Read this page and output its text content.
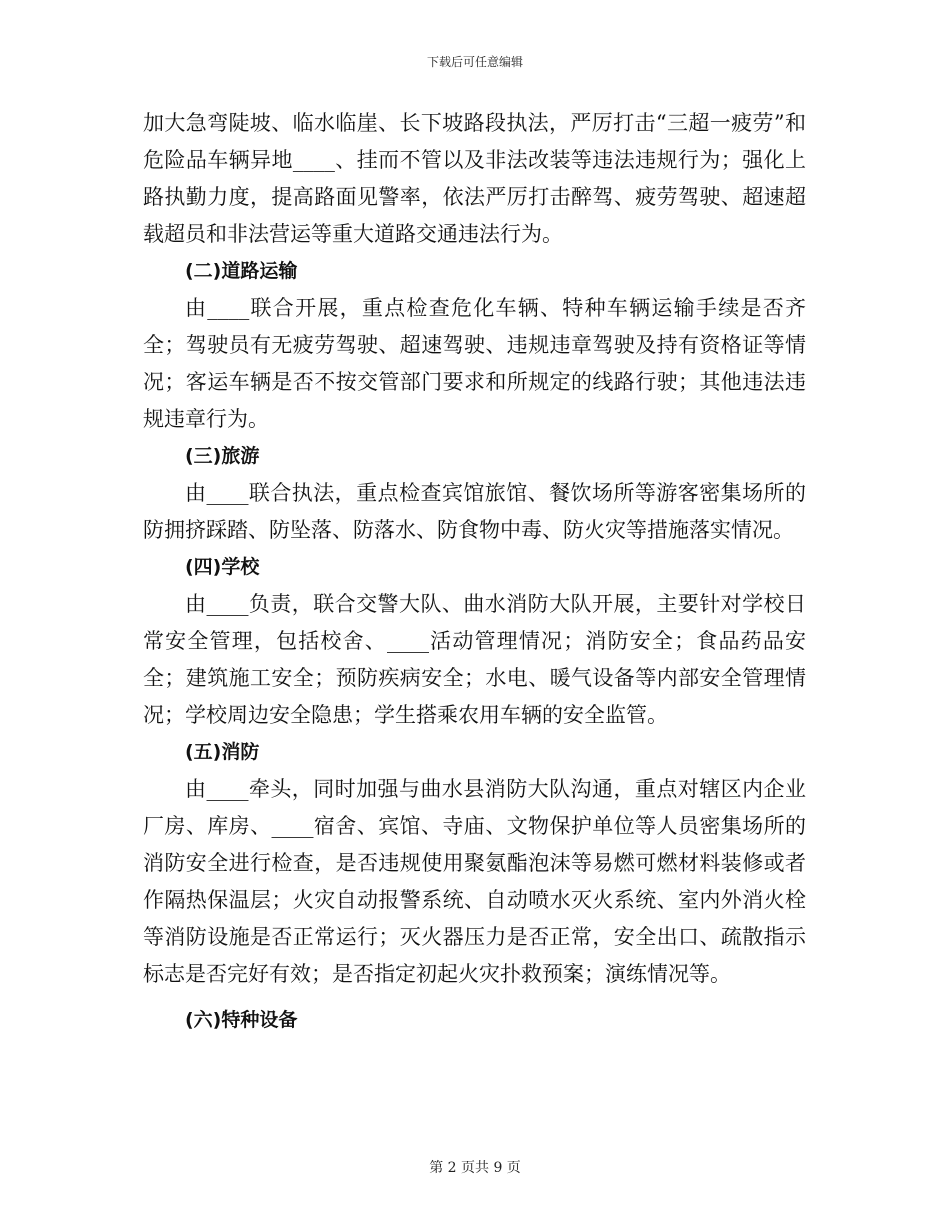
下载后可任意编辑

加大急弯陡坡、临水临崖、长下坡路段执法，严厉打击“三超一疲劳”和危险品车辆异地____、挂而不管以及非法改装等违法违规行为；强化上路执勤力度，提高路面见警率，依法严厉打击醉驾、疲劳驾驶、超速超载超员和非法营运等重大道路交通违法行为。

(二)道路运输

由____联合开展，重点检查危化车辆、特种车辆运输手续是否齐全；驾驶员有无疲劳驾驶、超速驾驶、违规违章驾驶及持有资格证等情况；客运车辆是否不按交管部门要求和所规定的线路行驶；其他违法违规违章行为。

(三)旅游

由____联合执法，重点检查宾馆旅馆、餐饮场所等游客密集场所的防拥挤踩踏、防坠落、防落水、防食物中毒、防火灾等措施落实情况。

(四)学校

由____负责，联合交警大队、曲水消防大队开展，主要针对学校日常安全管理，包括校舍、____活动管理情况；消防安全；食品药品安全；建筑施工安全；预防疾病安全；水电、暖气设备等内部安全管理情况；学校周边安全隐患；学生搭乘农用车辆的安全监管。

(五)消防

由____牵头，同时加强与曲水县消防大队沟通，重点对辖区内企业厂房、库房、____宿舍、宾馆、寺庙、文物保护单位等人员密集场所的消防安全进行检查，是否违规使用聚氨酯泡沫等易燃可燃材料装修或者作隔热保温层；火灾自动报警系统、自动喷水灭火系统、室内外消火栓等消防设施是否正常运行；灭火器压力是否正常，安全出口、疏散指示标志是否完好有效；是否指定初起火灾扑救预案；演练情况等。

(六)特种设备

第 2 页共 9 页
